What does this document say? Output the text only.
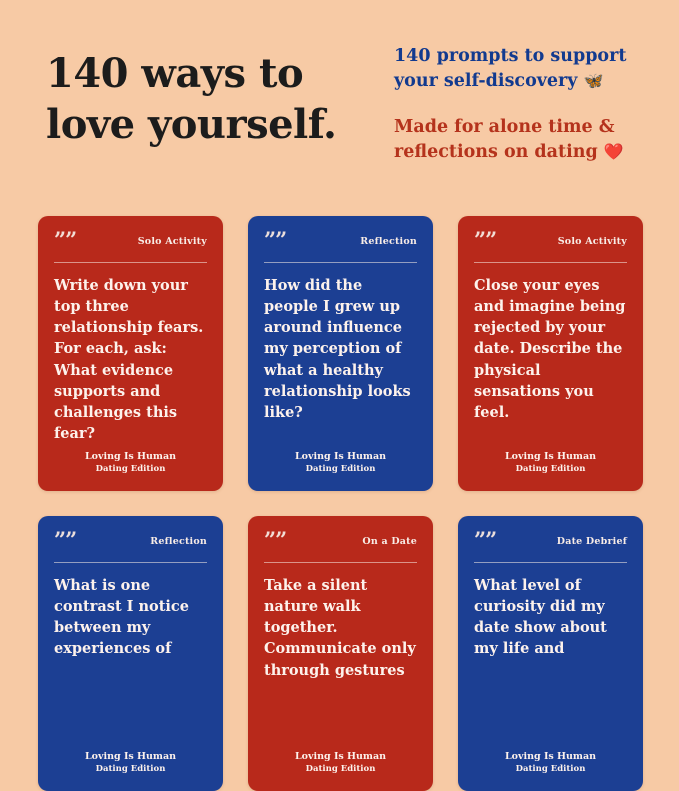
140 ways to
love yourself.
140 prompts to support your self-discovery 🦋
Made for alone time & reflections on dating ❤️
””	Solo Activity
Write down your top three relationship fears. For each, ask: What evidence supports and challenges this fear?
Loving Is Human
Dating Edition
””	Reflection
How did the people I grew up around influence my perception of what a healthy relationship looks like?
Loving Is Human
Dating Edition
””	Solo Activity
Close your eyes and imagine being rejected by your date. Describe the physical sensations you feel.
Loving Is Human
Dating Edition
””	Reflection
What is one contrast I notice between my experiences of
Loving Is Human
Dating Edition
””	On a Date
Take a silent nature walk together. Communicate only through gestures
Loving Is Human
Dating Edition
””	Date Debrief
What level of curiosity did my date show about my life and
Loving Is Human
Dating Edition
